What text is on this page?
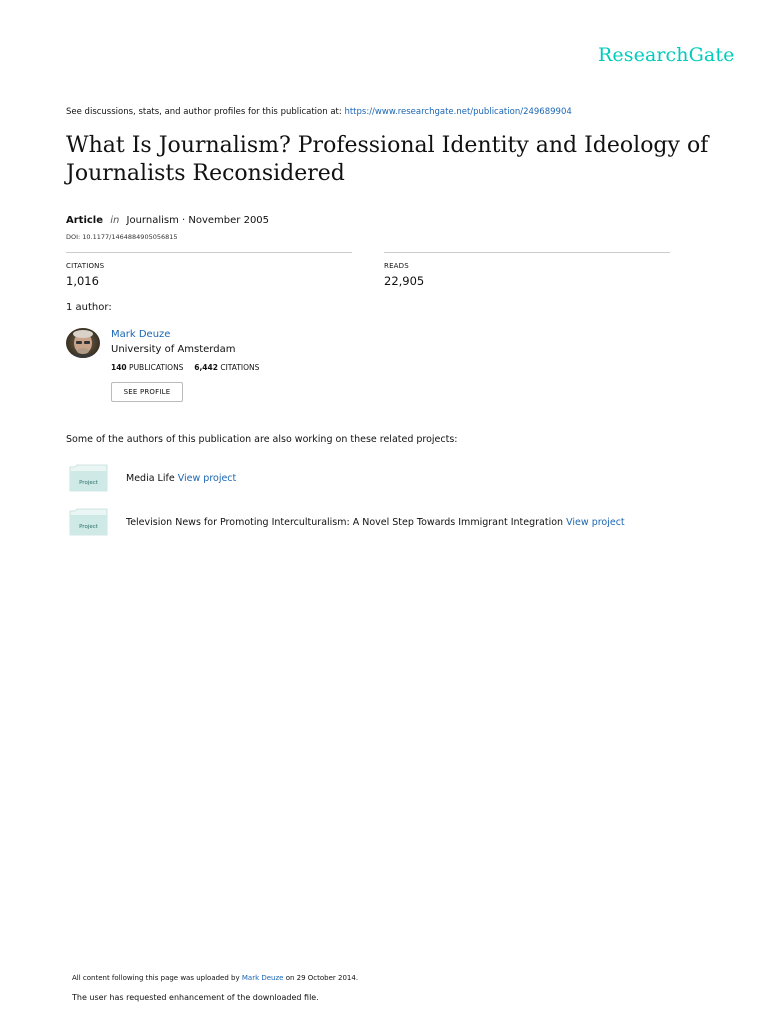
ResearchGate
See discussions, stats, and author profiles for this publication at: https://www.researchgate.net/publication/249689904
What Is Journalism? Professional Identity and Ideology of Journalists Reconsidered
Article in Journalism · November 2005
DOI: 10.1177/1464884905056815
CITATIONS
1,016
READS
22,905
1 author:
Mark Deuze
University of Amsterdam
140 PUBLICATIONS 6,442 CITATIONS
SEE PROFILE
Some of the authors of this publication are also working on these related projects:
Project	Media Life View project
Project	Television News for Promoting Interculturalism: A Novel Step Towards Immigrant Integration View project
All content following this page was uploaded by Mark Deuze on 29 October 2014.
The user has requested enhancement of the downloaded file.
